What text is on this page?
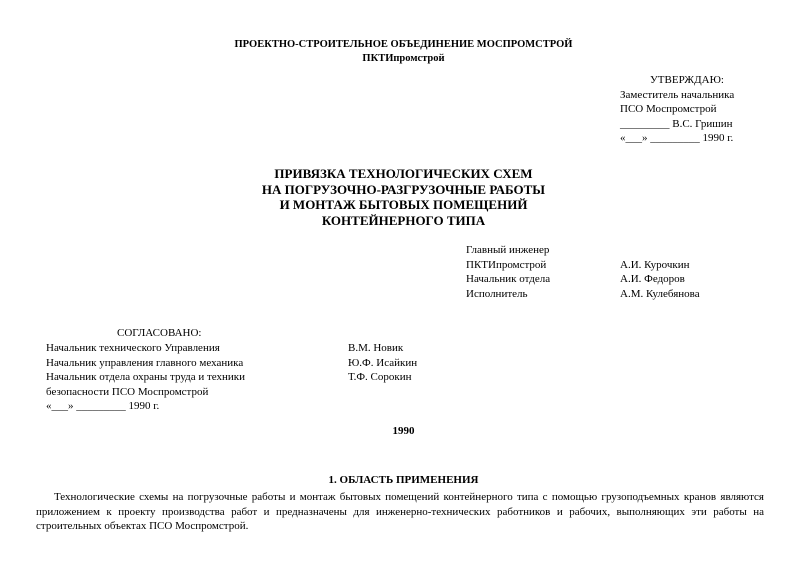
ПРОЕКТНО-СТРОИТЕЛЬНОЕ ОБЪЕДИНЕНИЕ МОСПРОМСТРОЙ
ПКТИпромстрой
УТВЕРЖДАЮ:
Заместитель начальника
ПСО Моспромстрой
_________ В.С. Гришин
«___» _________ 1990 г.
ПРИВЯЗКА ТЕХНОЛОГИЧЕСКИХ СХЕМ
НА ПОГРУЗОЧНО-РАЗГРУЗОЧНЫЕ РАБОТЫ
И МОНТАЖ БЫТОВЫХ ПОМЕЩЕНИЙ
КОНТЕЙНЕРНОГО ТИПА
Главный инженер
ПКТИпромстрой	А.И. Курочкин
Начальник отдела	А.И. Федоров
Исполнитель	А.М. Кулебянова
СОГЛАСОВАНО:
Начальник технического Управления	В.М. Новик
Начальник управления главного механика	Ю.Ф. Исайкин
Начальник отдела охраны труда и техники	Т.Ф. Сорокин
безопасности ПСО Моспромстрой
«___» _________ 1990 г.
1990
1. ОБЛАСТЬ ПРИМЕНЕНИЯ
Технологические схемы на погрузочные работы и монтаж бытовых помещений контейнерного типа с помощью грузоподъемных кранов являются приложением к проекту производства работ и предназначены для инженерно-технических работников и рабочих, выполняющих эти работы на строительных объектах ПСО Моспромстрой.
